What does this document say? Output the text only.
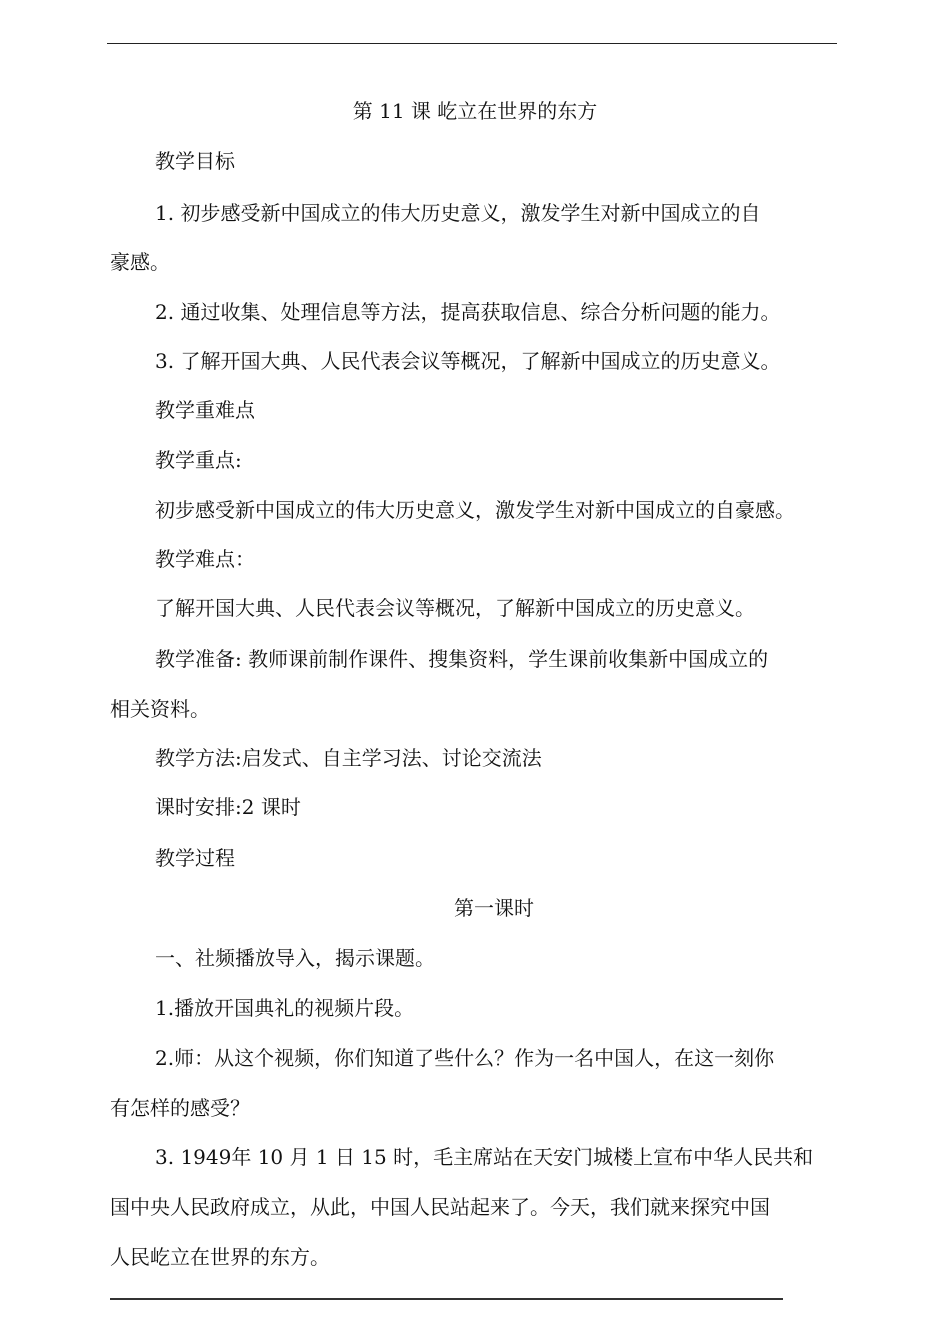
第 11 课 屹立在世界的东方
教学目标
1. 初步感受新中国成立的伟大历史意义，激发学生对新中国成立的自
豪感。
2. 通过收集、处理信息等方法，提高获取信息、综合分析问题的能力。
3. 了解开国大典、人民代表会议等概况，了解新中国成立的历史意义。
教学重难点
教学重点:
初步感受新中国成立的伟大历史意义，激发学生对新中国成立的自豪感。
教学难点：
了解开国大典、人民代表会议等概况，了解新中国成立的历史意义。
教学准备: 教师课前制作课件、搜集资料，学生课前收集新中国成立的
相关资料。
教学方法:启发式、自主学习法、讨论交流法
课时安排:2 课时
教学过程
第一课时
一、社频播放导入，揭示课题。
1.播放开国典礼的视频片段。
2.师：从这个视频，你们知道了些什么？作为一名中国人，在这一刻你
有怎样的感受？
3. 1949年 10 月 1 日 15 时，毛主席站在天安门城楼上宣布中华人民共和
国中央人民政府成立，从此，中国人民站起来了。今天，我们就来探究中国
人民屹立在世界的东方。
